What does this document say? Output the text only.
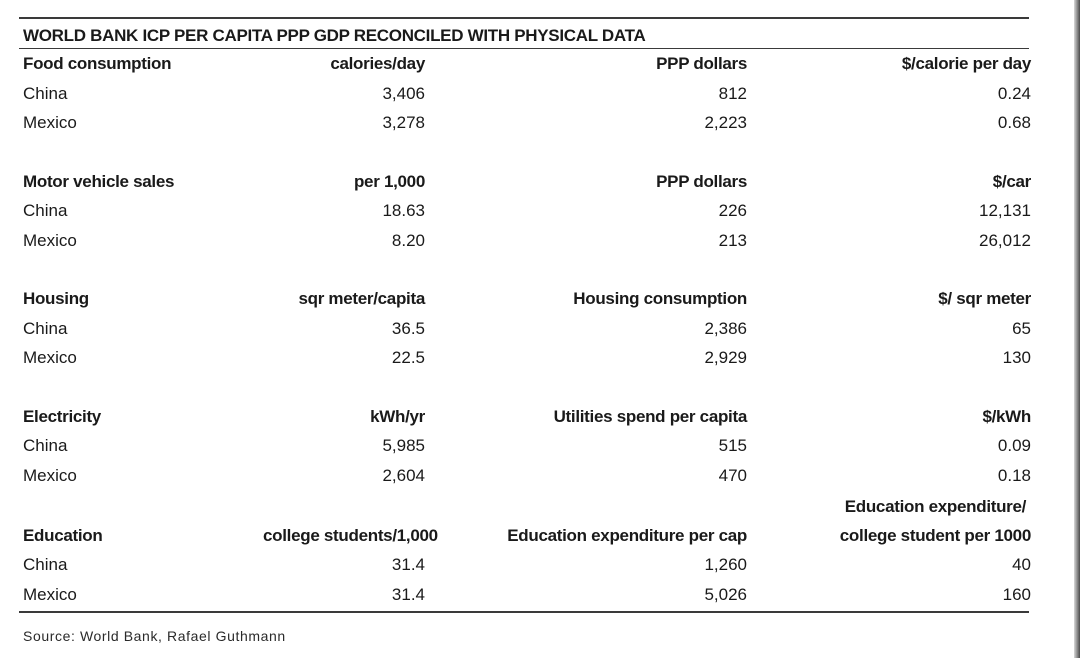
WORLD BANK ICP PER CAPITA PPP GDP RECONCILED WITH PHYSICAL DATA
Food consumption	calories/day	PPP dollars	$/calorie per day
China	3,406	812	0.24
Mexico	3,278	2,223	0.68

Motor vehicle sales	per 1,000	PPP dollars	$/car
China	18.63	226	12,131
Mexico	8.20	213	26,012

Housing	sqr meter/capita	Housing consumption	$/ sqr meter
China	36.5	2,386	65
Mexico	22.5	2,929	130

Electricity	kWh/yr	Utilities spend per capita	$/kWh
China	5,985	515	0.09
Mexico	2,604	470	0.18
Education	college students/1,000	Education expenditure per cap	Education expenditure/
college student per 1000
China	31.4	1,260	40
Mexico	31.4	5,026	160
Source: World Bank, Rafael Guthmann
